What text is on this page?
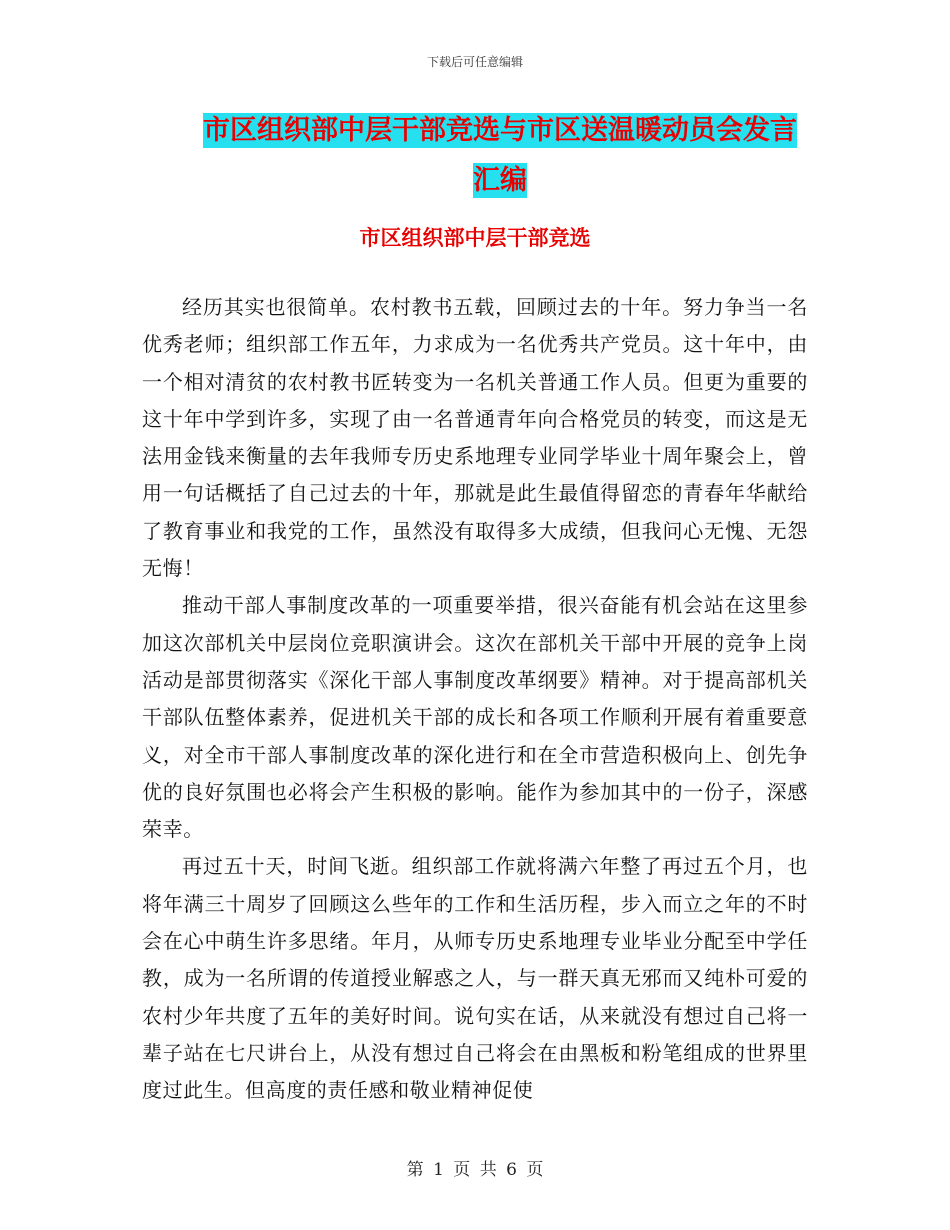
下载后可任意编辑
市区组织部中层干部竞选与市区送温暖动员会发言汇编
市区组织部中层干部竞选

经历其实也很简单。农村教书五载，回顾过去的十年。努力争当一名优秀老师；组织部工作五年，力求成为一名优秀共产党员。这十年中，由一个相对清贫的农村教书匠转变为一名机关普通工作人员。但更为重要的这十年中学到许多，实现了由一名普通青年向合格党员的转变，而这是无法用金钱来衡量的去年我师专历史系地理专业同学毕业十周年聚会上，曾用一句话概括了自己过去的十年，那就是此生最值得留恋的青春年华献给了教育事业和我党的工作，虽然没有取得多大成绩，但我问心无愧、无怨无悔！

推动干部人事制度改革的一项重要举措，很兴奋能有机会站在这里参加这次部机关中层岗位竞职演讲会。这次在部机关干部中开展的竞争上岗活动是部贯彻落实《深化干部人事制度改革纲要》精神。对于提高部机关干部队伍整体素养，促进机关干部的成长和各项工作顺利开展有着重要意义，对全市干部人事制度改革的深化进行和在全市营造积极向上、创先争优的良好氛围也必将会产生积极的影响。能作为参加其中的一份子，深感荣幸。

再过五十天，时间飞逝。组织部工作就将满六年整了再过五个月，也将年满三十周岁了回顾这么些年的工作和生活历程，步入而立之年的不时会在心中萌生许多思绪。年月，从师专历史系地理专业毕业分配至中学任教，成为一名所谓的传道授业解惑之人，与一群天真无邪而又纯朴可爱的农村少年共度了五年的美好时间。说句实在话，从来就没有想过自己将一辈子站在七尺讲台上，从没有想过自己将会在由黑板和粉笔组成的世界里度过此生。但高度的责任感和敬业精神促使

第 1 页 共 6 页
